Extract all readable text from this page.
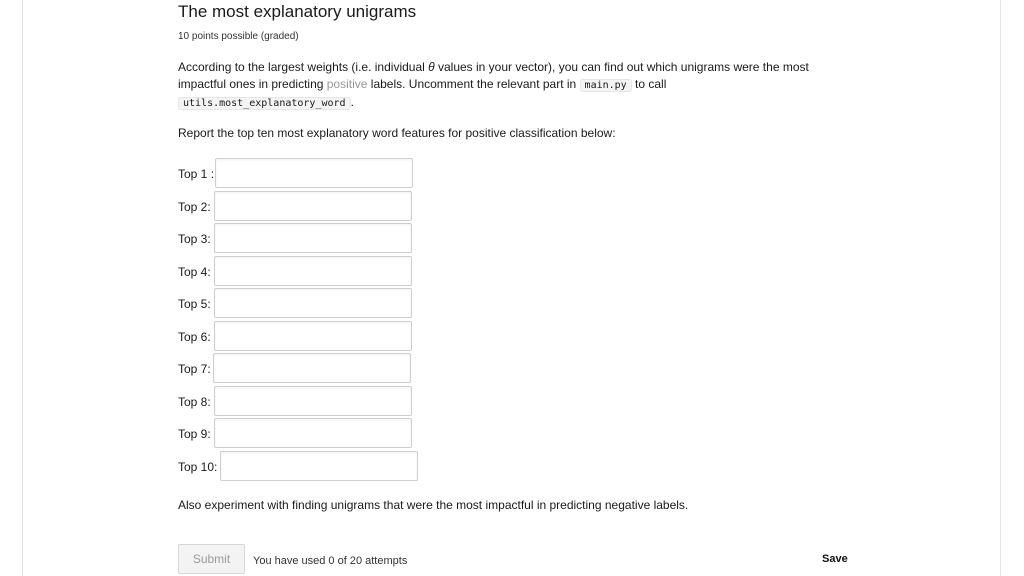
The most explanatory unigrams
10 points possible (graded)
According to the largest weights (i.e. individual θ values in your vector), you can find out which unigrams were the most impactful ones in predicting positive labels. Uncomment the relevant part in main.py to call
utils.most_explanatory_word .
Report the top ten most explanatory word features for positive classification below:
Top 1 :
Top 2:
Top 3:
Top 4:
Top 5:
Top 6:
Top 7:
Top 8:
Top 9:
Top 10:
Also experiment with finding unigrams that were the most impactful in predicting negative labels.
Submit	You have used 0 of 20 attempts	Save
